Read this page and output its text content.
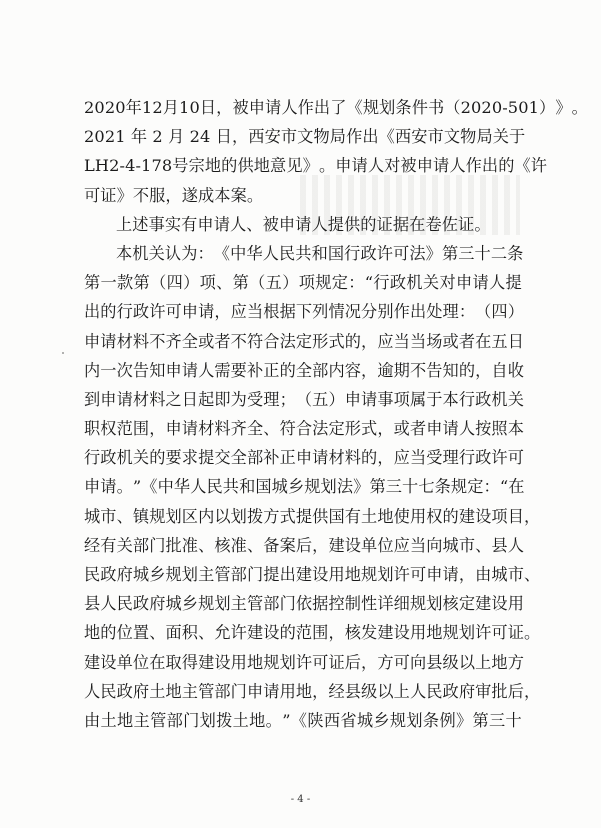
2 0 2 0 年 1 2 月 1 0 日 ， 被 申 请 人 作 出 了 《 规 划 条 件 书 （ 2 0 2 0 - 5 0 1 ） 》 。
2 0 2 1
年
2
月
2 4
日 ， 西 安 市 文 物 局 作 出 《 西 安 市 文 物 局 关 于
L H 2 - 4 - 1 7 8 号 宗 地 的 供 地 意 见 》 。 申 请 人 对 被 申 请 人 作 出 的 《 许
可证》不服，遂成本案。
上述事实有申请人、被申请人提供的证据在卷佐证。
本 机 关 认 为 ： 《 中 华 人 民 共 和 国 行 政 许 可 法 》 第 三 十 二 条
第 一 款 第 （ 四 ） 项 、 第 （ 五 ） 项 规 定 ： “ 行 政 机 关 对 申 请 人 提
出 的 行 政 许 可 申 请 ， 应 当 根 据 下 列 情 况 分 别 作 出 处 理 ： （ 四 ）
申 请 材 料 不 齐 全 或 者 不 符 合 法 定 形 式 的 ， 应 当 当 场 或 者 在 五 日
内 一 次 告 知 申 请 人 需 要 补 正 的 全 部 内 容 ， 逾 期 不 告 知 的 ， 自 收
到 申 请 材 料 之 日 起 即 为 受 理 ； （ 五 ） 申 请 事 项 属 于 本 行 政 机 关
职 权 范 围 ， 申 请 材 料 齐 全 、 符 合 法 定 形 式 ， 或 者 申 请 人 按 照 本
行 政 机 关 的 要 求 提 交 全 部 补 正 申 请 材 料 的 ， 应 当 受 理 行 政 许 可
申 请 。 ” 《 中 华 人 民 共 和 国 城 乡 规 划 法 》 第 三 十 七 条 规 定 ： “ 在
城 市 、 镇 规 划 区 内 以 划 拨 方 式 提 供 国 有 土 地 使 用 权 的 建 设 项 目 ，
经 有 关 部 门 批 准 、 核 准 、 备 案 后 ， 建 设 单 位 应 当 向 城 市 、 县 人
民 政 府 城 乡 规 划 主 管 部 门 提 出 建 设 用 地 规 划 许 可 申 请 ， 由 城 市 、
县 人 民 政 府 城 乡 规 划 主 管 部 门 依 据 控 制 性 详 细 规 划 核 定 建 设 用
地 的 位 置 、 面 积 、 允 许 建 设 的 范 围 ， 核 发 建 设 用 地 规 划 许 可 证 。
建 设 单 位 在 取 得 建 设 用 地 规 划 许 可 证 后 ， 方 可 向 县 级 以 上 地 方
人 民 政 府 土 地 主 管 部 门 申 请 用 地 ， 经 县 级 以 上 人 民 政 府 审 批 后 ，
由 土 地 主 管 部 门 划 拨 土 地 。 ” 《 陕 西 省 城 乡 规 划 条 例 》 第 三 十
- 4 -
